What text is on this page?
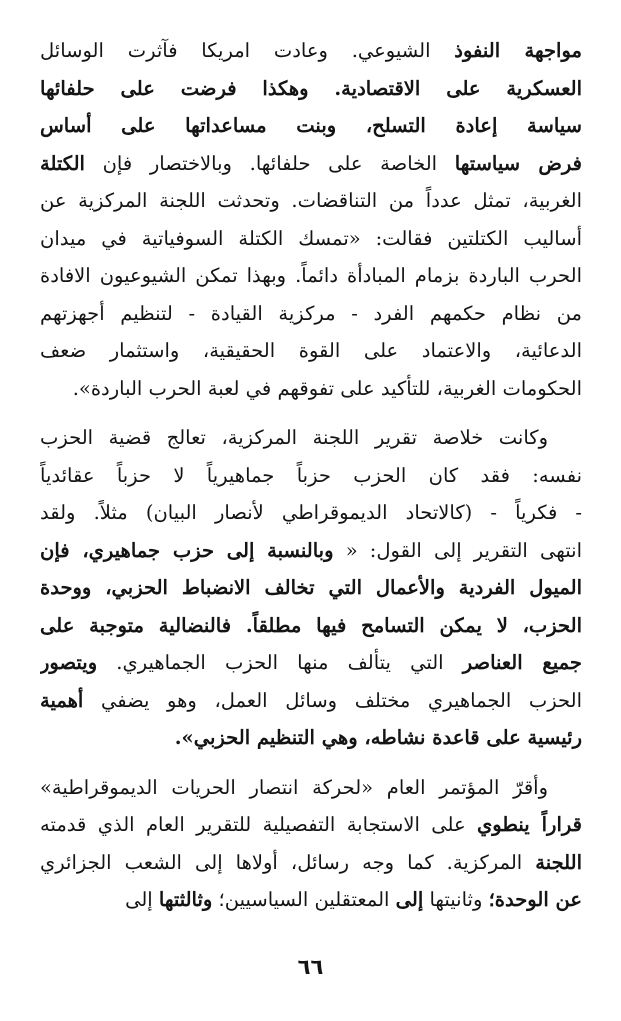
مواجهة النفوذ الشيوعي. وعادت امريكا فآثرت الوسائل
العسكرية على الاقتصادية. وهكذا فرضت على حلفائها
سياسة إعادة التسلح، وبنت مساعداتها على أساس
فرض سياستها الخاصة على حلفائها. وبالاختصار فإن الكتلة
الغربية، تمثل عدداً من التناقضات. وتحدثت اللجنة المركزية عن
أساليب الكتلتين فقالت: «تمسك الكتلة السوفياتية في ميدان
الحرب الباردة بزمام المبادأة دائماً. وبهذا تمكن الشيوعيون الافادة
من نظام حكمهم الفرد - مركزية القيادة - لتنظيم أجهزتهم
الدعائية، والاعتماد على القوة الحقيقية، واستثمار ضعف
الحكومات الغربية، للتأكيد على تفوقهم في لعبة الحرب الباردة».
وكانت خلاصة تقرير اللجنة المركزية، تعالج قضية الحزب
نفسه: فقد كان الحزب حزباً جماهيرياً لا حزباً عقائدياً
- فكرياً - (كالاتحاد الديموقراطي لأنصار البيان) مثلاً. ولقد
انتهى التقرير إلى القول: « وبالنسبة إلى حزب جماهيري، فإن
الميول الفردية والأعمال التي تخالف الانضباط الحزبي، ووحدة
الحزب، لا يمكن التسامح فيها مطلقاً. فالنضالية متوجبة على
جميع العناصر التي يتألف منها الحزب الجماهيري. ويتصور
الحزب الجماهيري مختلف وسائل العمل، وهو يضفي أهمية
رئيسية على قاعدة نشاطه، وهي التنظيم الحزبي».
وأقرّ المؤتمر العام «لحركة انتصار الحريات الديموقراطية»
قراراً ينطوي على الاستجابة التفصيلية للتقرير العام الذي قدمته
اللجنة المركزية. كما وجه رسائل، أولاها إلى الشعب الجزائري
عن الوحدة؛ وثانيتها إلى المعتقلين السياسيين؛ وثالثتها إلى
٦٦
